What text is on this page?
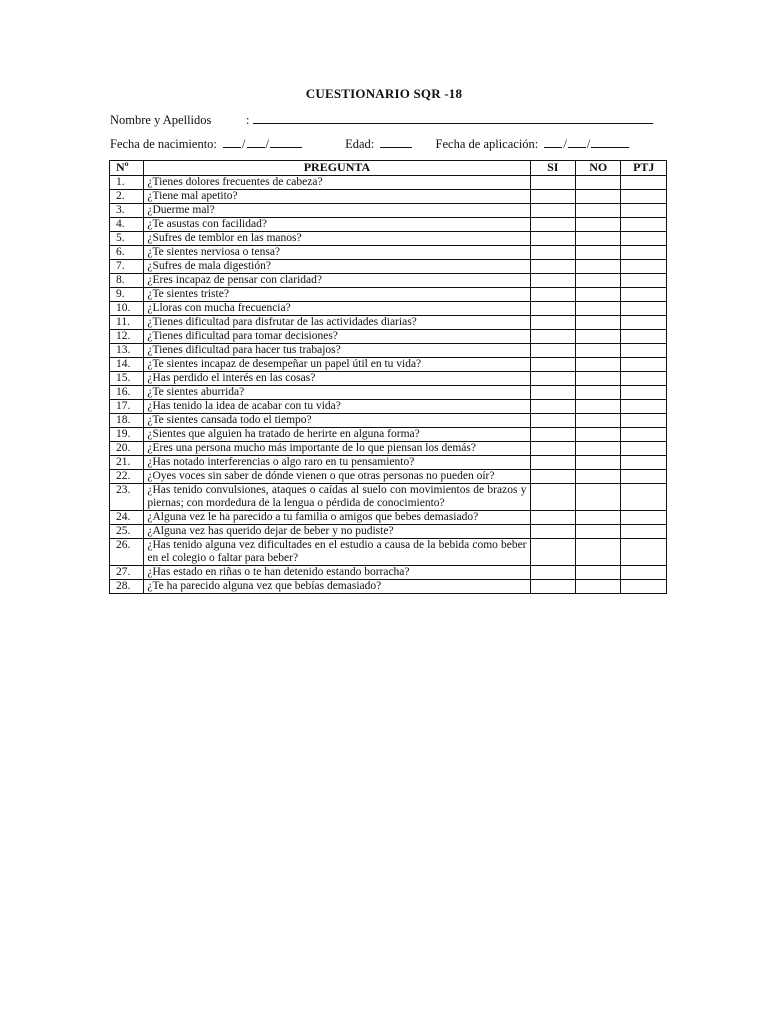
CUESTIONARIO SQR -18
Nombre y Apellidos	:
Fecha de nacimiento: / /	Edad:	Fecha de aplicación: / /
Nº	PREGUNTA	SI	NO	PTJ
1.	¿Tienes dolores frecuentes de cabeza?			
2.	¿Tiene mal apetito?			
3.	¿Duerme mal?			
4.	¿Te asustas con facilidad?			
5.	¿Sufres de temblor en las manos?			
6.	¿Te sientes nerviosa o tensa?			
7.	¿Sufres de mala digestión?			
8.	¿Eres incapaz de pensar con claridad?			
9.	¿Te sientes triste?			
10.	¿Lloras con mucha frecuencia?			
11.	¿Tienes dificultad para disfrutar de las actividades diarias?			
12.	¿Tienes dificultad para tomar decisiones?			
13.	¿Tienes dificultad para hacer tus trabajos?			
14.	¿Te sientes incapaz de desempeñar un papel útil en tu vida?			
15.	¿Has perdido el interés en las cosas?			
16.	¿Te sientes aburrida?			
17.	¿Has tenido la idea de acabar con tu vida?			
18.	¿Te sientes cansada todo el tiempo?			
19.	¿Sientes que alguien ha tratado de herirte en alguna forma?			
20.	¿Eres una persona mucho más importante de lo que piensan los demás?			
21.	¿Has notado interferencias o algo raro en tu pensamiento?			
22.	¿Oyes voces sin saber de dónde vienen o que otras personas no pueden oír?			
23.	¿Has tenido convulsiones, ataques o caídas al suelo con movimientos de brazos y piernas; con mordedura de la lengua o pérdida de conocimiento?			
24.	¿Alguna vez le ha parecido a tu familia o amigos que bebes demasiado?			
25.	¿Alguna vez has querido dejar de beber y no pudiste?			
26.	¿Has tenido alguna vez dificultades en el estudio a causa de la bebida como beber en el colegio o faltar para beber?			
27.	¿Has estado en riñas o te han detenido estando borracha?			
28.	¿Te ha parecido alguna vez que bebías demasiado?			
